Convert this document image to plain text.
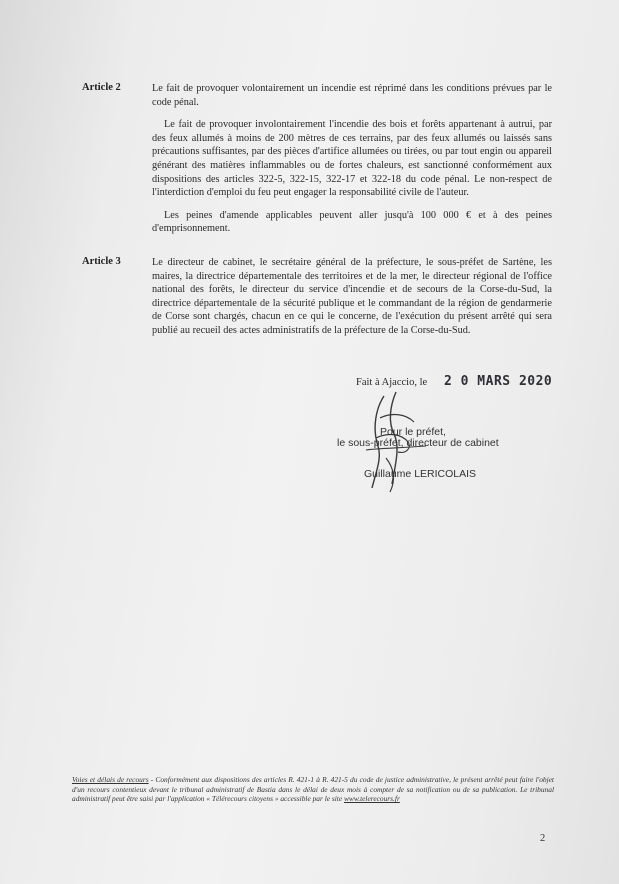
Article 2	Le fait de provoquer volontairement un incendie est réprimé dans les conditions prévues par le code pénal.

Le fait de provoquer involontairement l'incendie des bois et forêts appartenant à autrui, par des feux allumés à moins de 200 mètres de ces terrains, par des feux allumés ou laissés sans précautions suffisantes, par des pièces d'artifice allumées ou tirées, ou par tout engin ou appareil générant des matières inflammables ou de fortes chaleurs, est sanctionné conformément aux dispositions des articles 322-5, 322-15, 322-17 et 322-18 du code pénal. Le non-respect de l'interdiction d'emploi du feu peut engager la responsabilité civile de l'auteur.

Les peines d'amende applicables peuvent aller jusqu'à 100 000 € et à des peines d'emprisonnement.

Article 3	Le directeur de cabinet, le secrétaire général de la préfecture, le sous-préfet de Sartène, les maires, la directrice départementale des territoires et de la mer, le directeur régional de l'office national des forêts, le directeur du service d'incendie et de secours de la Corse-du-Sud, la directrice départementale de la sécurité publique et le commandant de la région de gendarmerie de Corse sont chargés, chacun en ce qui le concerne, de l'exécution du présent arrêté qui sera publié au recueil des actes administratifs de la préfecture de la Corse-du-Sud.

Fait à Ajaccio, le 2 0 MARS 2020
Pour le préfet,
le sous-préfet, directeur de cabinet
Guillaume LERICOLAIS
Voies et délais de recours - Conformément aux dispositions des articles R. 421-1 à R. 421-5 du code de justice administrative, le présent arrêté peut faire l'objet d'un recours contentieux devant le tribunal administratif de Bastia dans le délai de deux mois à compter de sa notification ou de sa publication. Le tribunal administratif peut être saisi par l'application « Télérecours citoyens » accessible par le site www.telerecours.fr
2
